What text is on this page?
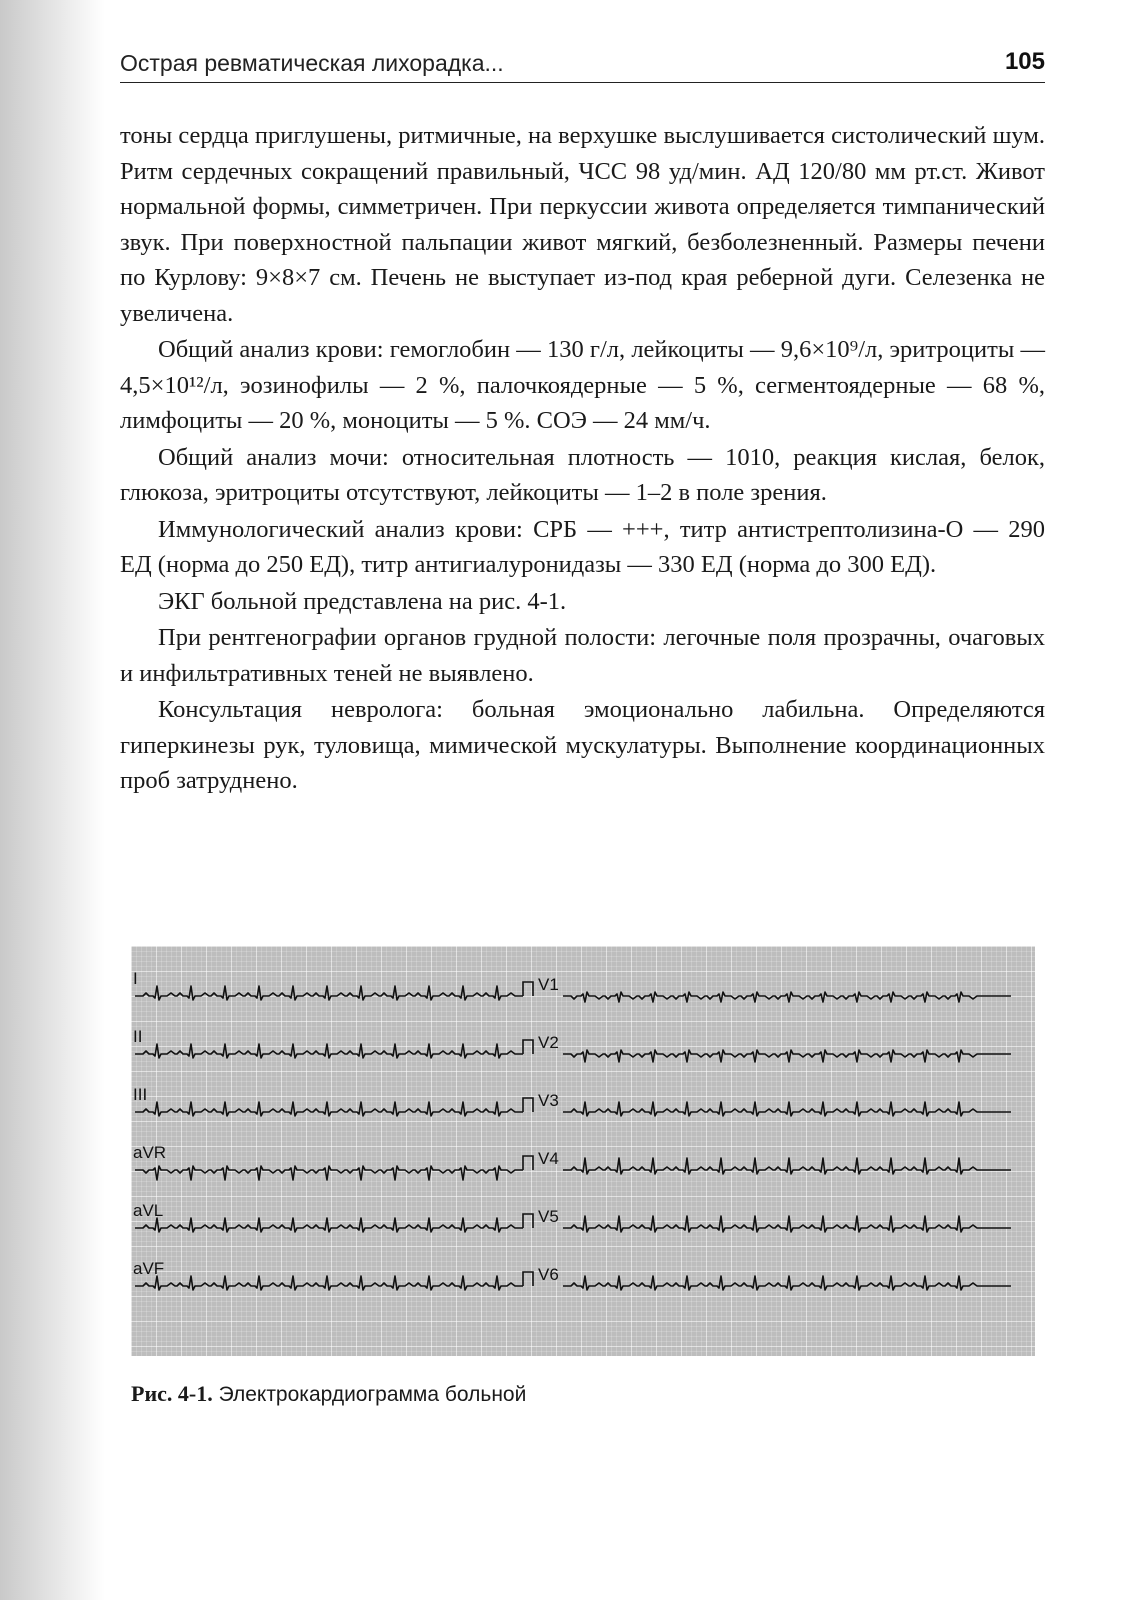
Острая ревматическая лихорадка...	105

тоны сердца приглушены, ритмичные, на верхушке выслушивается систолический шум. Ритм сердечных сокращений правильный, ЧСС 98 уд/мин. АД 120/80 мм рт.ст. Живот нормальной формы, симметричен. При перкуссии живота определяется тимпанический звук. При поверхностной пальпации живот мягкий, безболезненный. Размеры печени по Курлову: 9×8×7 см. Печень не выступает из-под края реберной дуги. Селезенка не увеличена.

Общий анализ крови: гемоглобин — 130 г/л, лейкоциты — 9,6×10⁹/л, эритроциты — 4,5×10¹²/л, эозинофилы — 2 %, палочкоядерные — 5 %, сегментоядерные — 68 %, лимфоциты — 20 %, моноциты — 5 %. СОЭ — 24 мм/ч.

Общий анализ мочи: относительная плотность — 1010, реакция кислая, белок, глюкоза, эритроциты отсутствуют, лейкоциты — 1–2 в поле зрения.

Иммунологический анализ крови: СРБ — +++, титр антистрептолизина-О — 290 ЕД (норма до 250 ЕД), титр антигиалуронидазы — 330 ЕД (норма до 300 ЕД).

ЭКГ больной представлена на рис. 4-1.

При рентгенографии органов грудной полости: легочные поля прозрачны, очаговых и инфильтративных теней не выявлено.

Консультация невролога: больная эмоционально лабильна. Определяются гиперкинезы рук, туловища, мимической мускулатуры. Выполнение координационных проб затруднено.

I
II
III
aVR
aVL
aVF
V1
V2
V3
V4
V5
V6
Рис. 4-1. Электрокардиограмма больной
